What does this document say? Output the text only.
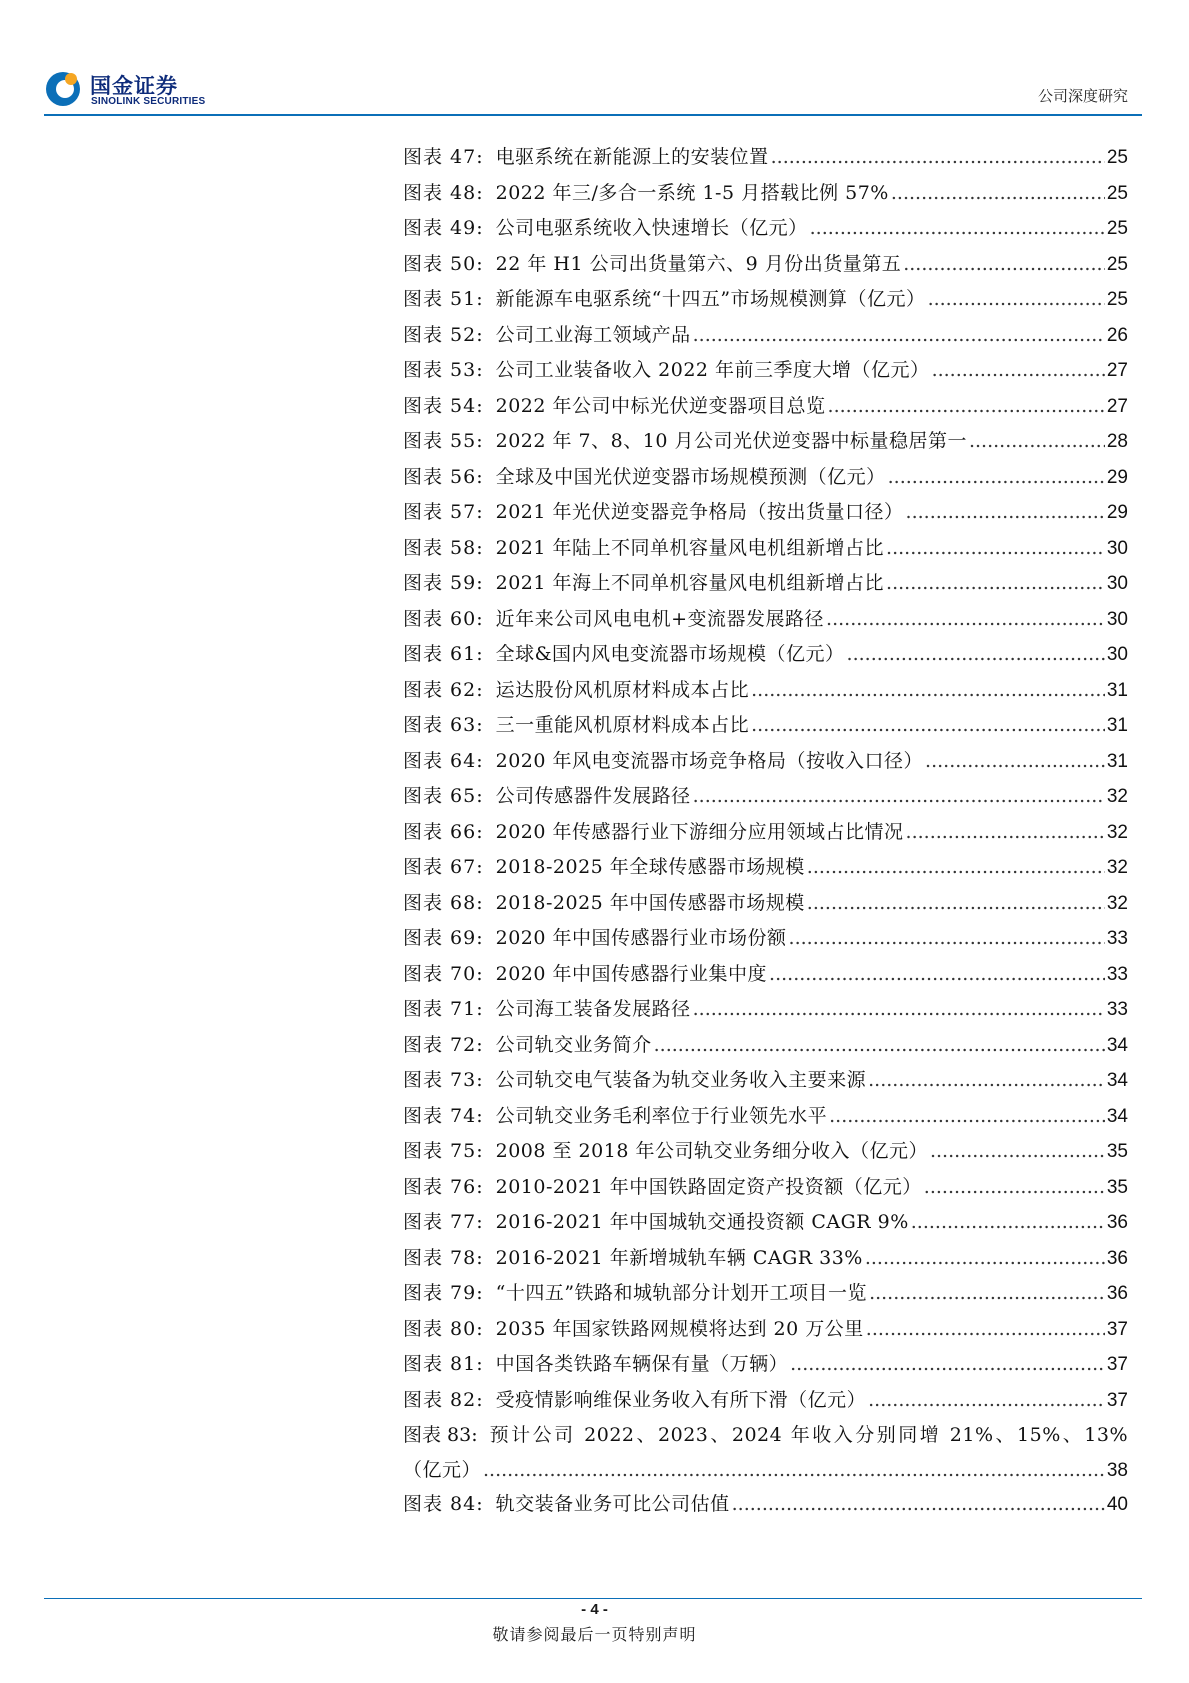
国金证券
SINOLINK SECURITIES	公司深度研究
图表 47: 电驱系统在新能源上的安装位置 .....	25
图表 48: 2022 年三/多合一系统 1-5 月搭载比例 57% .....	25
图表 49: 公司电驱系统收入快速增长（亿元） .....	25
图表 50: 22 年 H1 公司出货量第六、9 月份出货量第五 .....	25
图表 51: 新能源车电驱系统“十四五”市场规模测算（亿元） .....	25
图表 52: 公司工业海工领域产品 .....	26
图表 53: 公司工业装备收入 2022 年前三季度大增（亿元） .....	27
图表 54: 2022 年公司中标光伏逆变器项目总览 .....	27
图表 55: 2022 年 7、8、10 月公司光伏逆变器中标量稳居第一 .....	28
图表 56: 全球及中国光伏逆变器市场规模预测（亿元） .....	29
图表 57: 2021 年光伏逆变器竞争格局（按出货量口径） .....	29
图表 58: 2021 年陆上不同单机容量风电机组新增占比 .....	30
图表 59: 2021 年海上不同单机容量风电机组新增占比 .....	30
图表 60: 近年来公司风电电机+变流器发展路径 .....	30
图表 61: 全球&国内风电变流器市场规模（亿元） .....	30
图表 62: 运达股份风机原材料成本占比 .....	31
图表 63: 三一重能风机原材料成本占比 .....	31
图表 64: 2020 年风电变流器市场竞争格局（按收入口径） .....	31
图表 65: 公司传感器件发展路径 .....	32
图表 66: 2020 年传感器行业下游细分应用领域占比情况 .....	32
图表 67: 2018-2025 年全球传感器市场规模 .....	32
图表 68: 2018-2025 年中国传感器市场规模 .....	32
图表 69: 2020 年中国传感器行业市场份额 .....	33
图表 70: 2020 年中国传感器行业集中度 .....	33
图表 71: 公司海工装备发展路径 .....	33
图表 72: 公司轨交业务简介 .....	34
图表 73: 公司轨交电气装备为轨交业务收入主要来源 .....	34
图表 74: 公司轨交业务毛利率位于行业领先水平 .....	34
图表 75: 2008 至 2018 年公司轨交业务细分收入（亿元） .....	35
图表 76: 2010-2021 年中国铁路固定资产投资额（亿元） .....	35
图表 77: 2016-2021 年中国城轨交通投资额 CAGR 9% .....	36
图表 78: 2016-2021 年新增城轨车辆 CAGR 33% .....	36
图表 79: “十四五”铁路和城轨部分计划开工项目一览 .....	36
图表 80: 2035 年国家铁路网规模将达到 20 万公里 .....	37
图表 81: 中国各类铁路车辆保有量（万辆） .....	37
图表 82: 受疫情影响维保业务收入有所下滑（亿元） .....	37
图表 83: 预计公司 2022、2023、2024 年收入分别同增 21%、15%、13%
（亿元） .....	38
图表 84: 轨交装备业务可比公司估值 .....	40
- 4 -
敬请参阅最后一页特别声明
